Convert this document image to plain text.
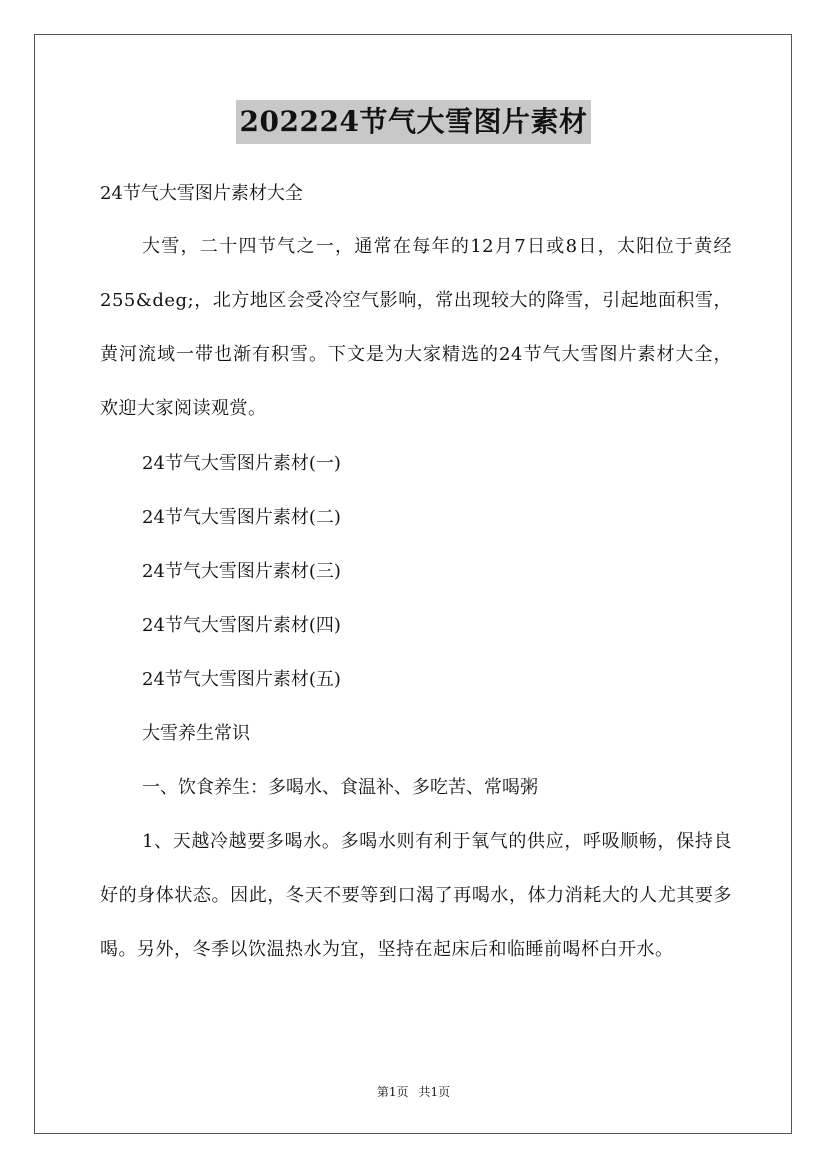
202224节气大雪图片素材
24节气大雪图片素材大全
大雪，二十四节气之一，通常在每年的12月7日或8日，太阳位于黄经255&deg;，北方地区会受冷空气影响，常出现较大的降雪，引起地面积雪，黄河流域一带也渐有积雪。下文是为大家精选的24节气大雪图片素材大全，欢迎大家阅读观赏。
24节气大雪图片素材(一)
24节气大雪图片素材(二)
24节气大雪图片素材(三)
24节气大雪图片素材(四)
24节气大雪图片素材(五)
大雪养生常识
一、饮食养生：多喝水、食温补、多吃苦、常喝粥
1、天越冷越要多喝水。多喝水则有利于氧气的供应，呼吸顺畅，保持良好的身体状态。因此，冬天不要等到口渴了再喝水，体力消耗大的人尤其要多喝。另外，冬季以饮温热水为宜，坚持在起床后和临睡前喝杯白开水。
第1页 共1页
